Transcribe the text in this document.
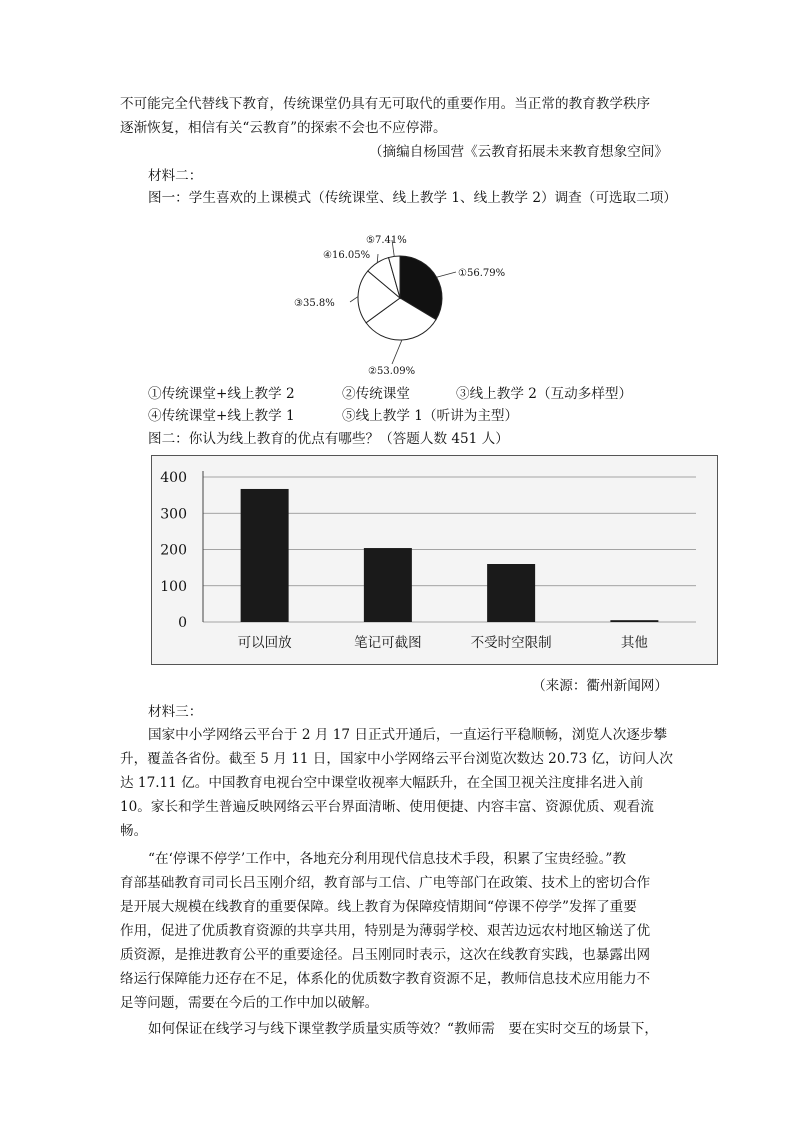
不可能完全代替线下教育，传统课堂仍具有无可取代的重要作用。当正常的教育教学秩序
逐渐恢复，相信有关“云教育”的探索不会也不应停滞。
（摘编自杨国营《云教育拓展未来教育想象空间》
材料二：
图一：学生喜欢的上课模式（传统课堂、线上教学 1、线上教学 2）调查（可选取二项）
①56.79%
②53.09%
③35.8%
④16.05%
⑤7.41%
①传统课堂+线上教学 2	②传统课堂	③线上教学 2（互动多样型）
④传统课堂+线上教学 1	⑤线上教学 1（听讲为主型）
图二：你认为线上教育的优点有哪些？（答题人数 451 人）
0
100
200
300
400
可以回放	笔记可截图	不受时空限制	其他
（来源：衢州新闻网）
材料三：
国家中小学网络云平台于 2 月 17 日正式开通后，一直运行平稳顺畅，浏览人次逐步攀
升，覆盖各省份。截至 5 月 11 日，国家中小学网络云平台浏览次数达 20.73 亿，访问人次
达 17.11 亿。中国教育电视台空中课堂收视率大幅跃升，在全国卫视关注度排名进入前
10。家长和学生普遍反映网络云平台界面清晰、使用便捷、内容丰富、资源优质、观看流
畅。
“在‘停课不停学’工作中，各地充分利用现代信息技术手段，积累了宝贵经验。”教
育部基础教育司司长吕玉刚介绍，教育部与工信、广电等部门在政策、技术上的密切合作
是开展大规模在线教育的重要保障。线上教育为保障疫情期间“停课不停学”发挥了重要
作用，促进了优质教育资源的共享共用，特别是为薄弱学校、艰苦边远农村地区输送了优
质资源，是推进教育公平的重要途径。吕玉刚同时表示，这次在线教育实践，也暴露出网
络运行保障能力还存在不足，体系化的优质数字教育资源不足，教师信息技术应用能力不
足等问题，需要在今后的工作中加以破解。
如何保证在线学习与线下课堂教学质量实质等效？“教师需　要在实时交互的场景下，
